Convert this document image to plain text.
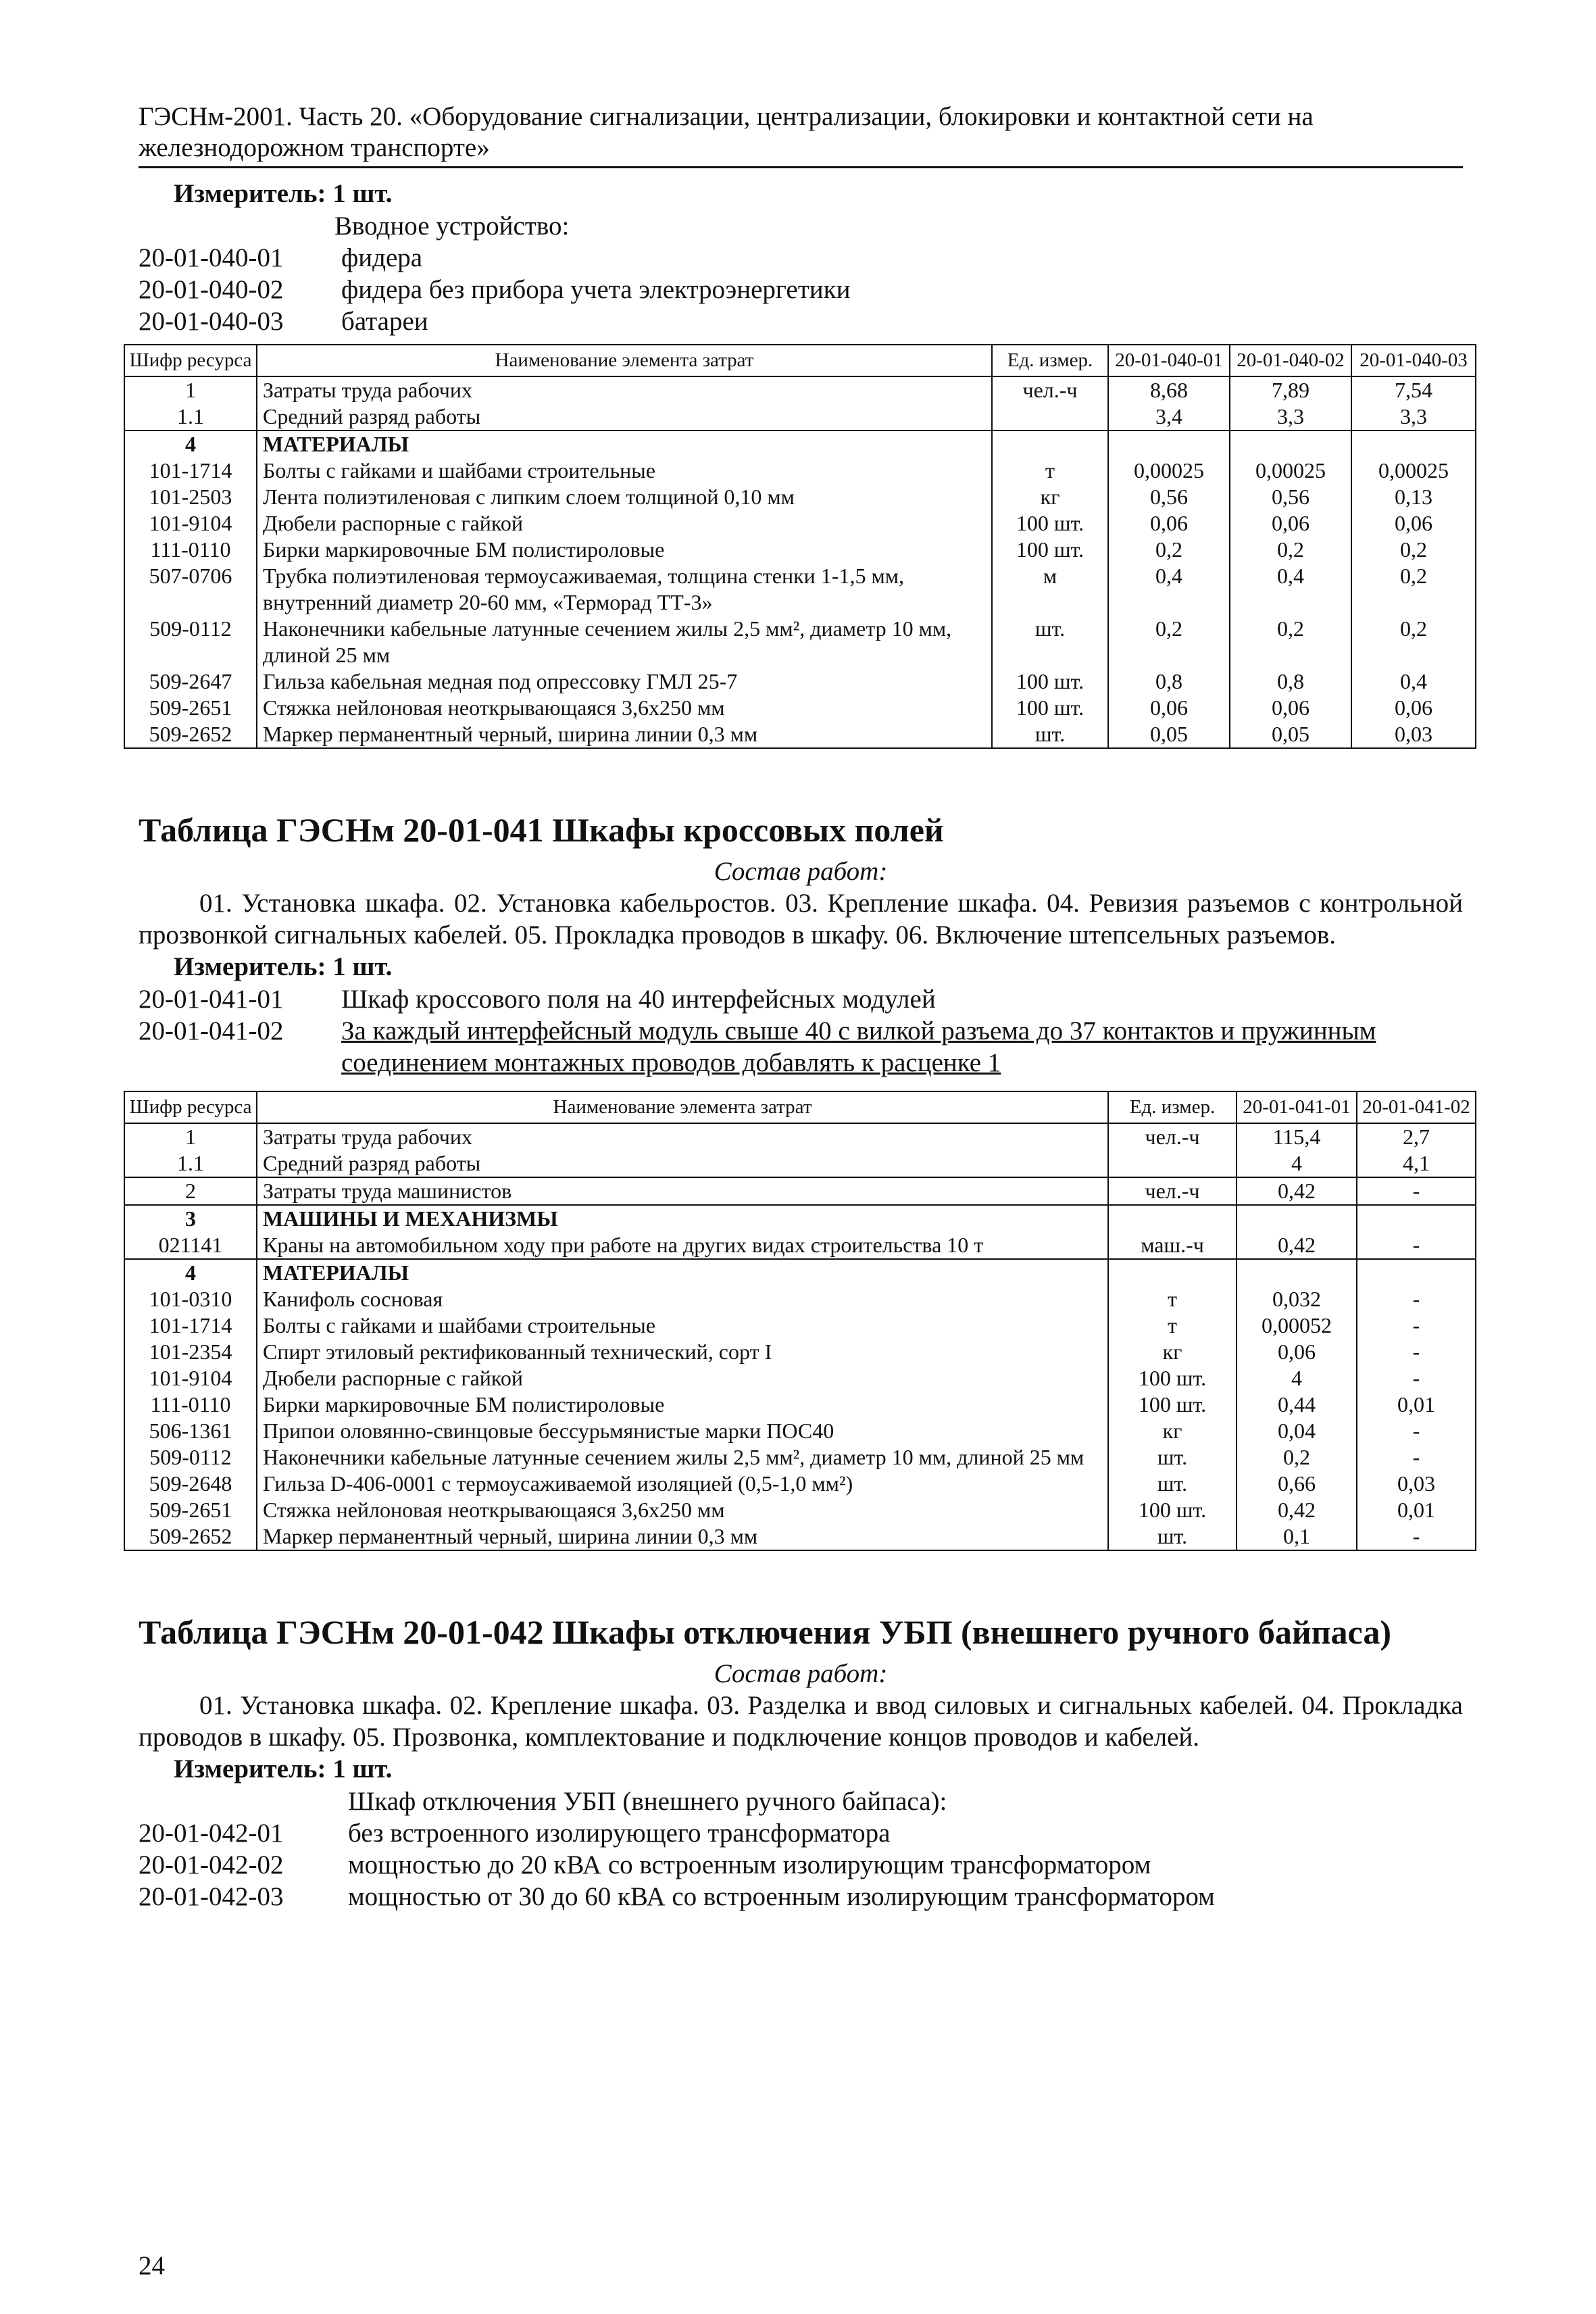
ГЭСНм-2001. Часть 20. «Оборудование сигнализации, централизации, блокировки и контактной сети на железнодорожном транспорте»
Измеритель: 1 шт.
Вводное устройство:
20-01-040-01	фидера
20-01-040-02	фидера без прибора учета электроэнергетики
20-01-040-03	батареи
Шифр ресурса	Наименование элемента затрат	Ед. измер.	20-01-040-01	20-01-040-02	20-01-040-03
1	Затраты труда рабочих	чел.-ч	8,68	7,89	7,54
1.1	Средний разряд работы		3,4	3,3	3,3
4	МАТЕРИАЛЫ				
101-1714	Болты с гайками и шайбами строительные	т	0,00025	0,00025	0,00025
101-2503	Лента полиэтиленовая с липким слоем толщиной 0,10 мм	кг	0,56	0,56	0,13
101-9104	Дюбели распорные с гайкой	100 шт.	0,06	0,06	0,06
111-0110	Бирки маркировочные БМ полистироловые	100 шт.	0,2	0,2	0,2
507-0706	Трубка полиэтиленовая термоусаживаемая, толщина стенки 1-1,5 мм, внутренний диаметр 20-60 мм, «Терморад ТТ-3»	м	0,4	0,4	0,2
509-0112	Наконечники кабельные латунные сечением жилы 2,5 мм², диаметр 10 мм, длиной 25 мм	шт.	0,2	0,2	0,2
509-2647	Гильза кабельная медная под опрессовку ГМЛ 25-7	100 шт.	0,8	0,8	0,4
509-2651	Стяжка нейлоновая неоткрывающаяся 3,6х250 мм	100 шт.	0,06	0,06	0,06
509-2652	Маркер перманентный черный, ширина линии 0,3 мм	шт.	0,05	0,05	0,03
Таблица ГЭСНм 20-01-041 Шкафы кроссовых полей
Состав работ:
01. Установка шкафа. 02. Установка кабельростов. 03. Крепление шкафа. 04. Ревизия разъемов с контрольной прозвонкой сигнальных кабелей. 05. Прокладка проводов в шкафу. 06. Включение штепсельных разъемов.
Измеритель: 1 шт.
20-01-041-01	Шкаф кроссового поля на 40 интерфейсных модулей
20-01-041-02	За каждый интерфейсный модуль свыше 40 с вилкой разъема до 37 контактов и пружинным соединением монтажных проводов добавлять к расценке 1
Шифр ресурса	Наименование элемента затрат	Ед. измер.	20-01-041-01	20-01-041-02
1	Затраты труда рабочих	чел.-ч	115,4	2,7
1.1	Средний разряд работы		4	4,1
2	Затраты труда машинистов	чел.-ч	0,42	-
3	МАШИНЫ И МЕХАНИЗМЫ			
021141	Краны на автомобильном ходу при работе на других видах строительства 10 т	маш.-ч	0,42	-
4	МАТЕРИАЛЫ			
101-0310	Канифоль сосновая	т	0,032	-
101-1714	Болты с гайками и шайбами строительные	т	0,00052	-
101-2354	Спирт этиловый ректификованный технический, сорт I	кг	0,06	-
101-9104	Дюбели распорные с гайкой	100 шт.	4	-
111-0110	Бирки маркировочные БМ полистироловые	100 шт.	0,44	0,01
506-1361	Припои оловянно-свинцовые бессурьмянистые марки ПОС40	кг	0,04	-
509-0112	Наконечники кабельные латунные сечением жилы 2,5 мм², диаметр 10 мм, длиной 25 мм	шт.	0,2	-
509-2648	Гильза D-406-0001 с термоусаживаемой изоляцией (0,5-1,0 мм²)	шт.	0,66	0,03
509-2651	Стяжка нейлоновая неоткрывающаяся 3,6х250 мм	100 шт.	0,42	0,01
509-2652	Маркер перманентный черный, ширина линии 0,3 мм	шт.	0,1	-
Таблица ГЭСНм 20-01-042 Шкафы отключения УБП (внешнего ручного байпаса)
Состав работ:
01. Установка шкафа. 02. Крепление шкафа. 03. Разделка и ввод силовых и сигнальных кабелей. 04. Прокладка проводов в шкафу. 05. Прозвонка, комплектование и подключение концов проводов и кабелей.
Измеритель: 1 шт.
Шкаф отключения УБП (внешнего ручного байпаса):
20-01-042-01	без встроенного изолирующего трансформатора
20-01-042-02	мощностью до 20 кВА со встроенным изолирующим трансформатором
20-01-042-03	мощностью от 30 до 60 кВА со встроенным изолирующим трансформатором
24
